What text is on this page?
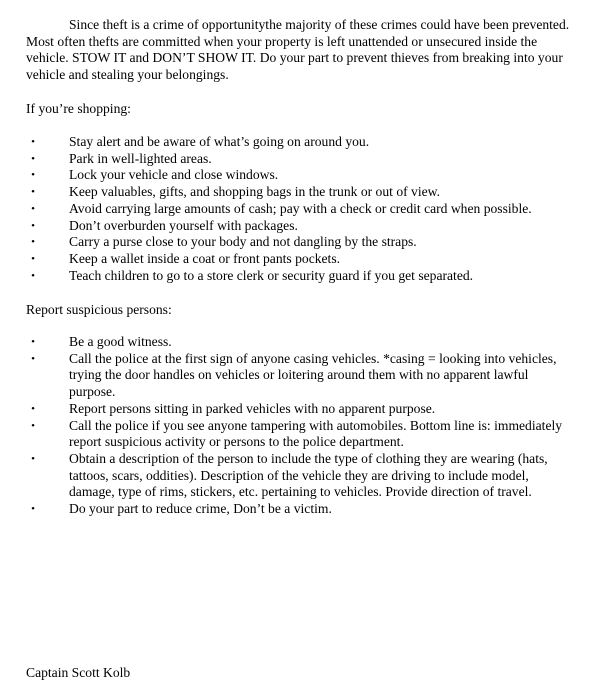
Since theft is a crime of opportunitythe majority of these crimes could have been prevented. Most often thefts are committed when your property is left unattended or unsecured inside the vehicle. STOW IT and DON’T SHOW IT. Do your part to prevent thieves from breaking into your vehicle and stealing your belongings.

If you’re shopping:

•	Stay alert and be aware of what’s going on around you.
•	Park in well-lighted areas.
•	Lock your vehicle and close windows.
•	Keep valuables, gifts, and shopping bags in the trunk or out of view.
•	Avoid carrying large amounts of cash; pay with a check or credit card when possible.
•	Don’t overburden yourself with packages.
•	Carry a purse close to your body and not dangling by the straps.
•	Keep a wallet inside a coat or front pants pockets.
•	Teach children to go to a store clerk or security guard if you get separated.

Report suspicious persons:

•	Be a good witness.
•	Call the police at the first sign of anyone casing vehicles. *casing = looking into vehicles, trying the door handles on vehicles or loitering around them with no apparent lawful purpose.
•	Report persons sitting in parked vehicles with no apparent purpose.
•	Call the police if you see anyone tampering with automobiles. Bottom line is: immediately report suspicious activity or persons to the police department.
•	Obtain a description of the person to include the type of clothing they are wearing (hats, tattoos, scars, oddities). Description of the vehicle they are driving to include model, damage, type of rims, stickers, etc. pertaining to vehicles. Provide direction of travel.
•	Do your part to reduce crime, Don’t be a victim.

Captain Scott Kolb
